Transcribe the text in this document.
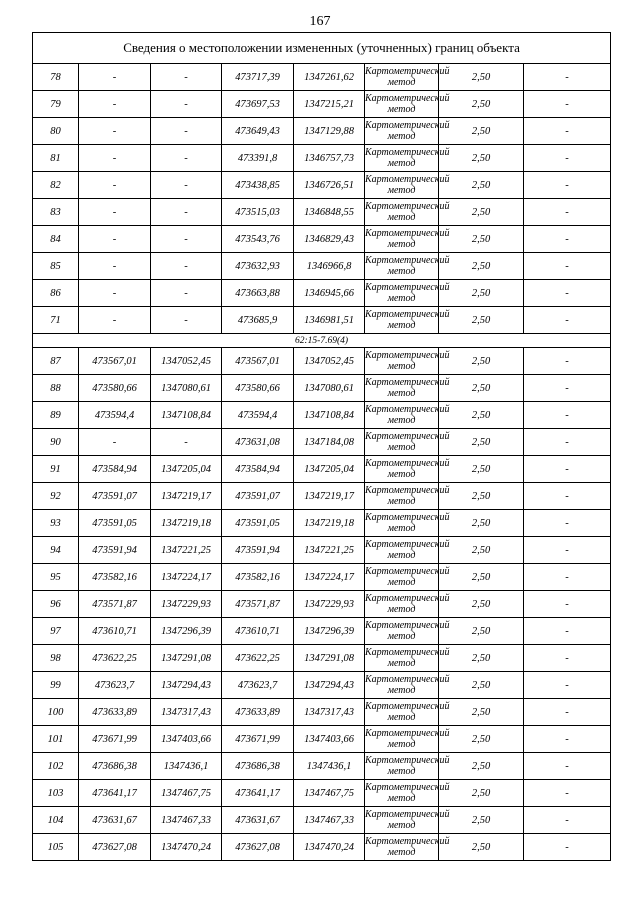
167
Сведения о местоположении измененных (уточненных) границ объекта							
78	-	-	473717,39	1347261,62	Картометрический метод	2,50	-
79	-	-	473697,53	1347215,21	Картометрический метод	2,50	-
80	-	-	473649,43	1347129,88	Картометрический метод	2,50	-
81	-	-	473391,8	1346757,73	Картометрический метод	2,50	-
82	-	-	473438,85	1346726,51	Картометрический метод	2,50	-
83	-	-	473515,03	1346848,55	Картометрический метод	2,50	-
84	-	-	473543,76	1346829,43	Картометрический метод	2,50	-
85	-	-	473632,93	1346966,8	Картометрический метод	2,50	-
86	-	-	473663,88	1346945,66	Картометрический метод	2,50	-
71	-	-	473685,9	1346981,51	Картометрический метод	2,50	-
62:15-7.69(4)							
87	473567,01	1347052,45	473567,01	1347052,45	Картометрический метод	2,50	-
88	473580,66	1347080,61	473580,66	1347080,61	Картометрический метод	2,50	-
89	473594,4	1347108,84	473594,4	1347108,84	Картометрический метод	2,50	-
90	-	-	473631,08	1347184,08	Картометрический метод	2,50	-
91	473584,94	1347205,04	473584,94	1347205,04	Картометрический метод	2,50	-
92	473591,07	1347219,17	473591,07	1347219,17	Картометрический метод	2,50	-
93	473591,05	1347219,18	473591,05	1347219,18	Картометрический метод	2,50	-
94	473591,94	1347221,25	473591,94	1347221,25	Картометрический метод	2,50	-
95	473582,16	1347224,17	473582,16	1347224,17	Картометрический метод	2,50	-
96	473571,87	1347229,93	473571,87	1347229,93	Картометрический метод	2,50	-
97	473610,71	1347296,39	473610,71	1347296,39	Картометрический метод	2,50	-
98	473622,25	1347291,08	473622,25	1347291,08	Картометрический метод	2,50	-
99	473623,7	1347294,43	473623,7	1347294,43	Картометрический метод	2,50	-
100	473633,89	1347317,43	473633,89	1347317,43	Картометрический метод	2,50	-
101	473671,99	1347403,66	473671,99	1347403,66	Картометрический метод	2,50	-
102	473686,38	1347436,1	473686,38	1347436,1	Картометрический метод	2,50	-
103	473641,17	1347467,75	473641,17	1347467,75	Картометрический метод	2,50	-
104	473631,67	1347467,33	473631,67	1347467,33	Картометрический метод	2,50	-
105	473627,08	1347470,24	473627,08	1347470,24	Картометрический метод	2,50	-
